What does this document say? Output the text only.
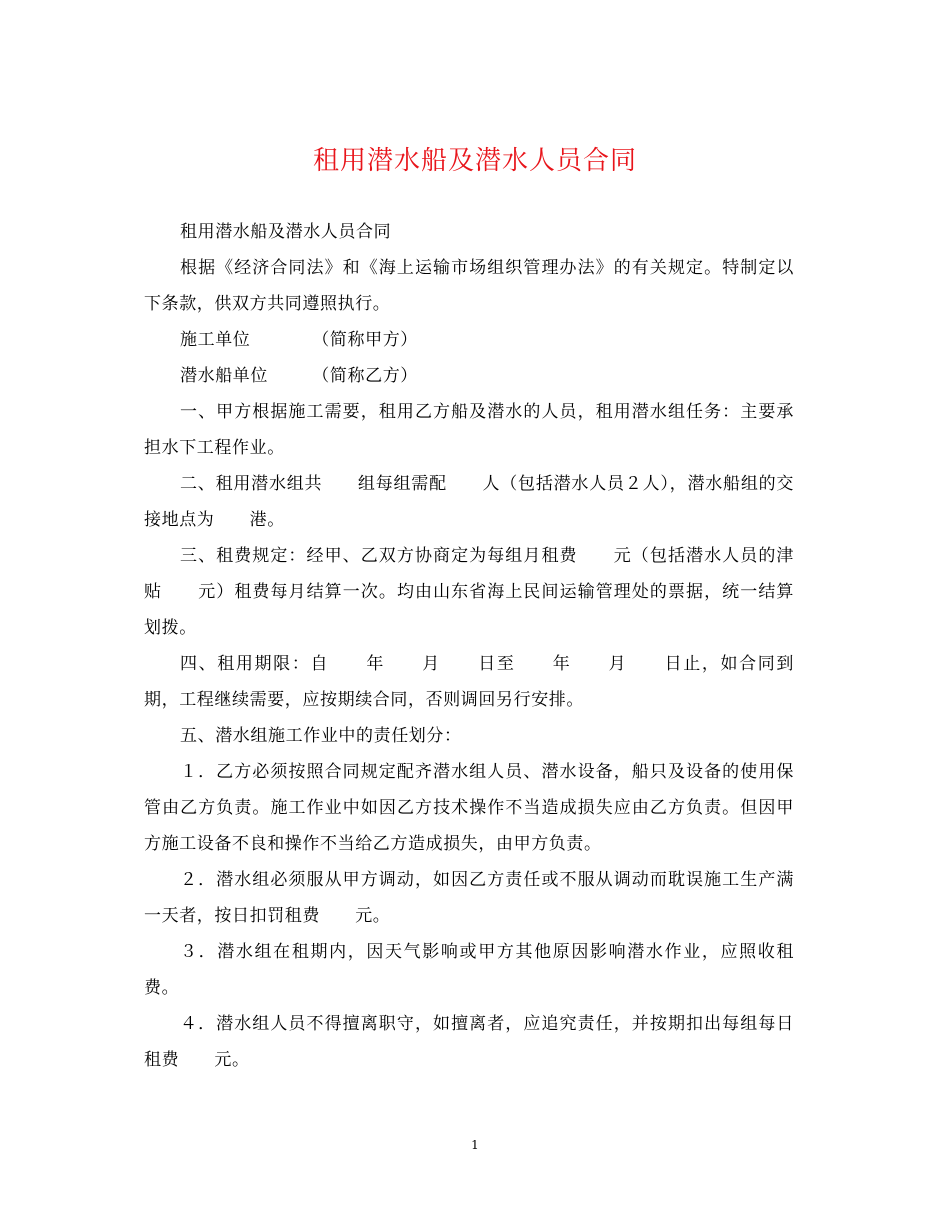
租用潜水船及潜水人员合同

租用潜水船及潜水人员合同

根据《经济合同法》和《海上运输市场组织管理办法》的有关规定。特制定以下条款，供双方共同遵照执行。

施工单位　　　　（简称甲方）

潜水船单位　　　（简称乙方）

一、甲方根据施工需要，租用乙方船及潜水的人员，租用潜水组任务：主要承担水下工程作业。

二、租用潜水组共　　组每组需配　　人（包括潜水人员２人），潜水船组的交接地点为　　港。

三、租费规定：经甲、乙双方协商定为每组月租费　　元（包括潜水人员的津贴　　元）租费每月结算一次。均由山东省海上民间运输管理处的票据，统一结算划拨。

四、租用期限：自　　年　　月　　日至　　年　　月　　日止，如合同到期，工程继续需要，应按期续合同，否则调回另行安排。

五、潜水组施工作业中的责任划分：

１．乙方必须按照合同规定配齐潜水组人员、潜水设备，船只及设备的使用保管由乙方负责。施工作业中如因乙方技术操作不当造成损失应由乙方负责。但因甲方施工设备不良和操作不当给乙方造成损失，由甲方负责。

２．潜水组必须服从甲方调动，如因乙方责任或不服从调动而耽误施工生产满一天者，按日扣罚租费　　元。

３．潜水组在租期内，因天气影响或甲方其他原因影响潜水作业，应照收租费。

４．潜水组人员不得擅离职守，如擅离者，应追究责任，并按期扣出每组每日租费　　元。

1
